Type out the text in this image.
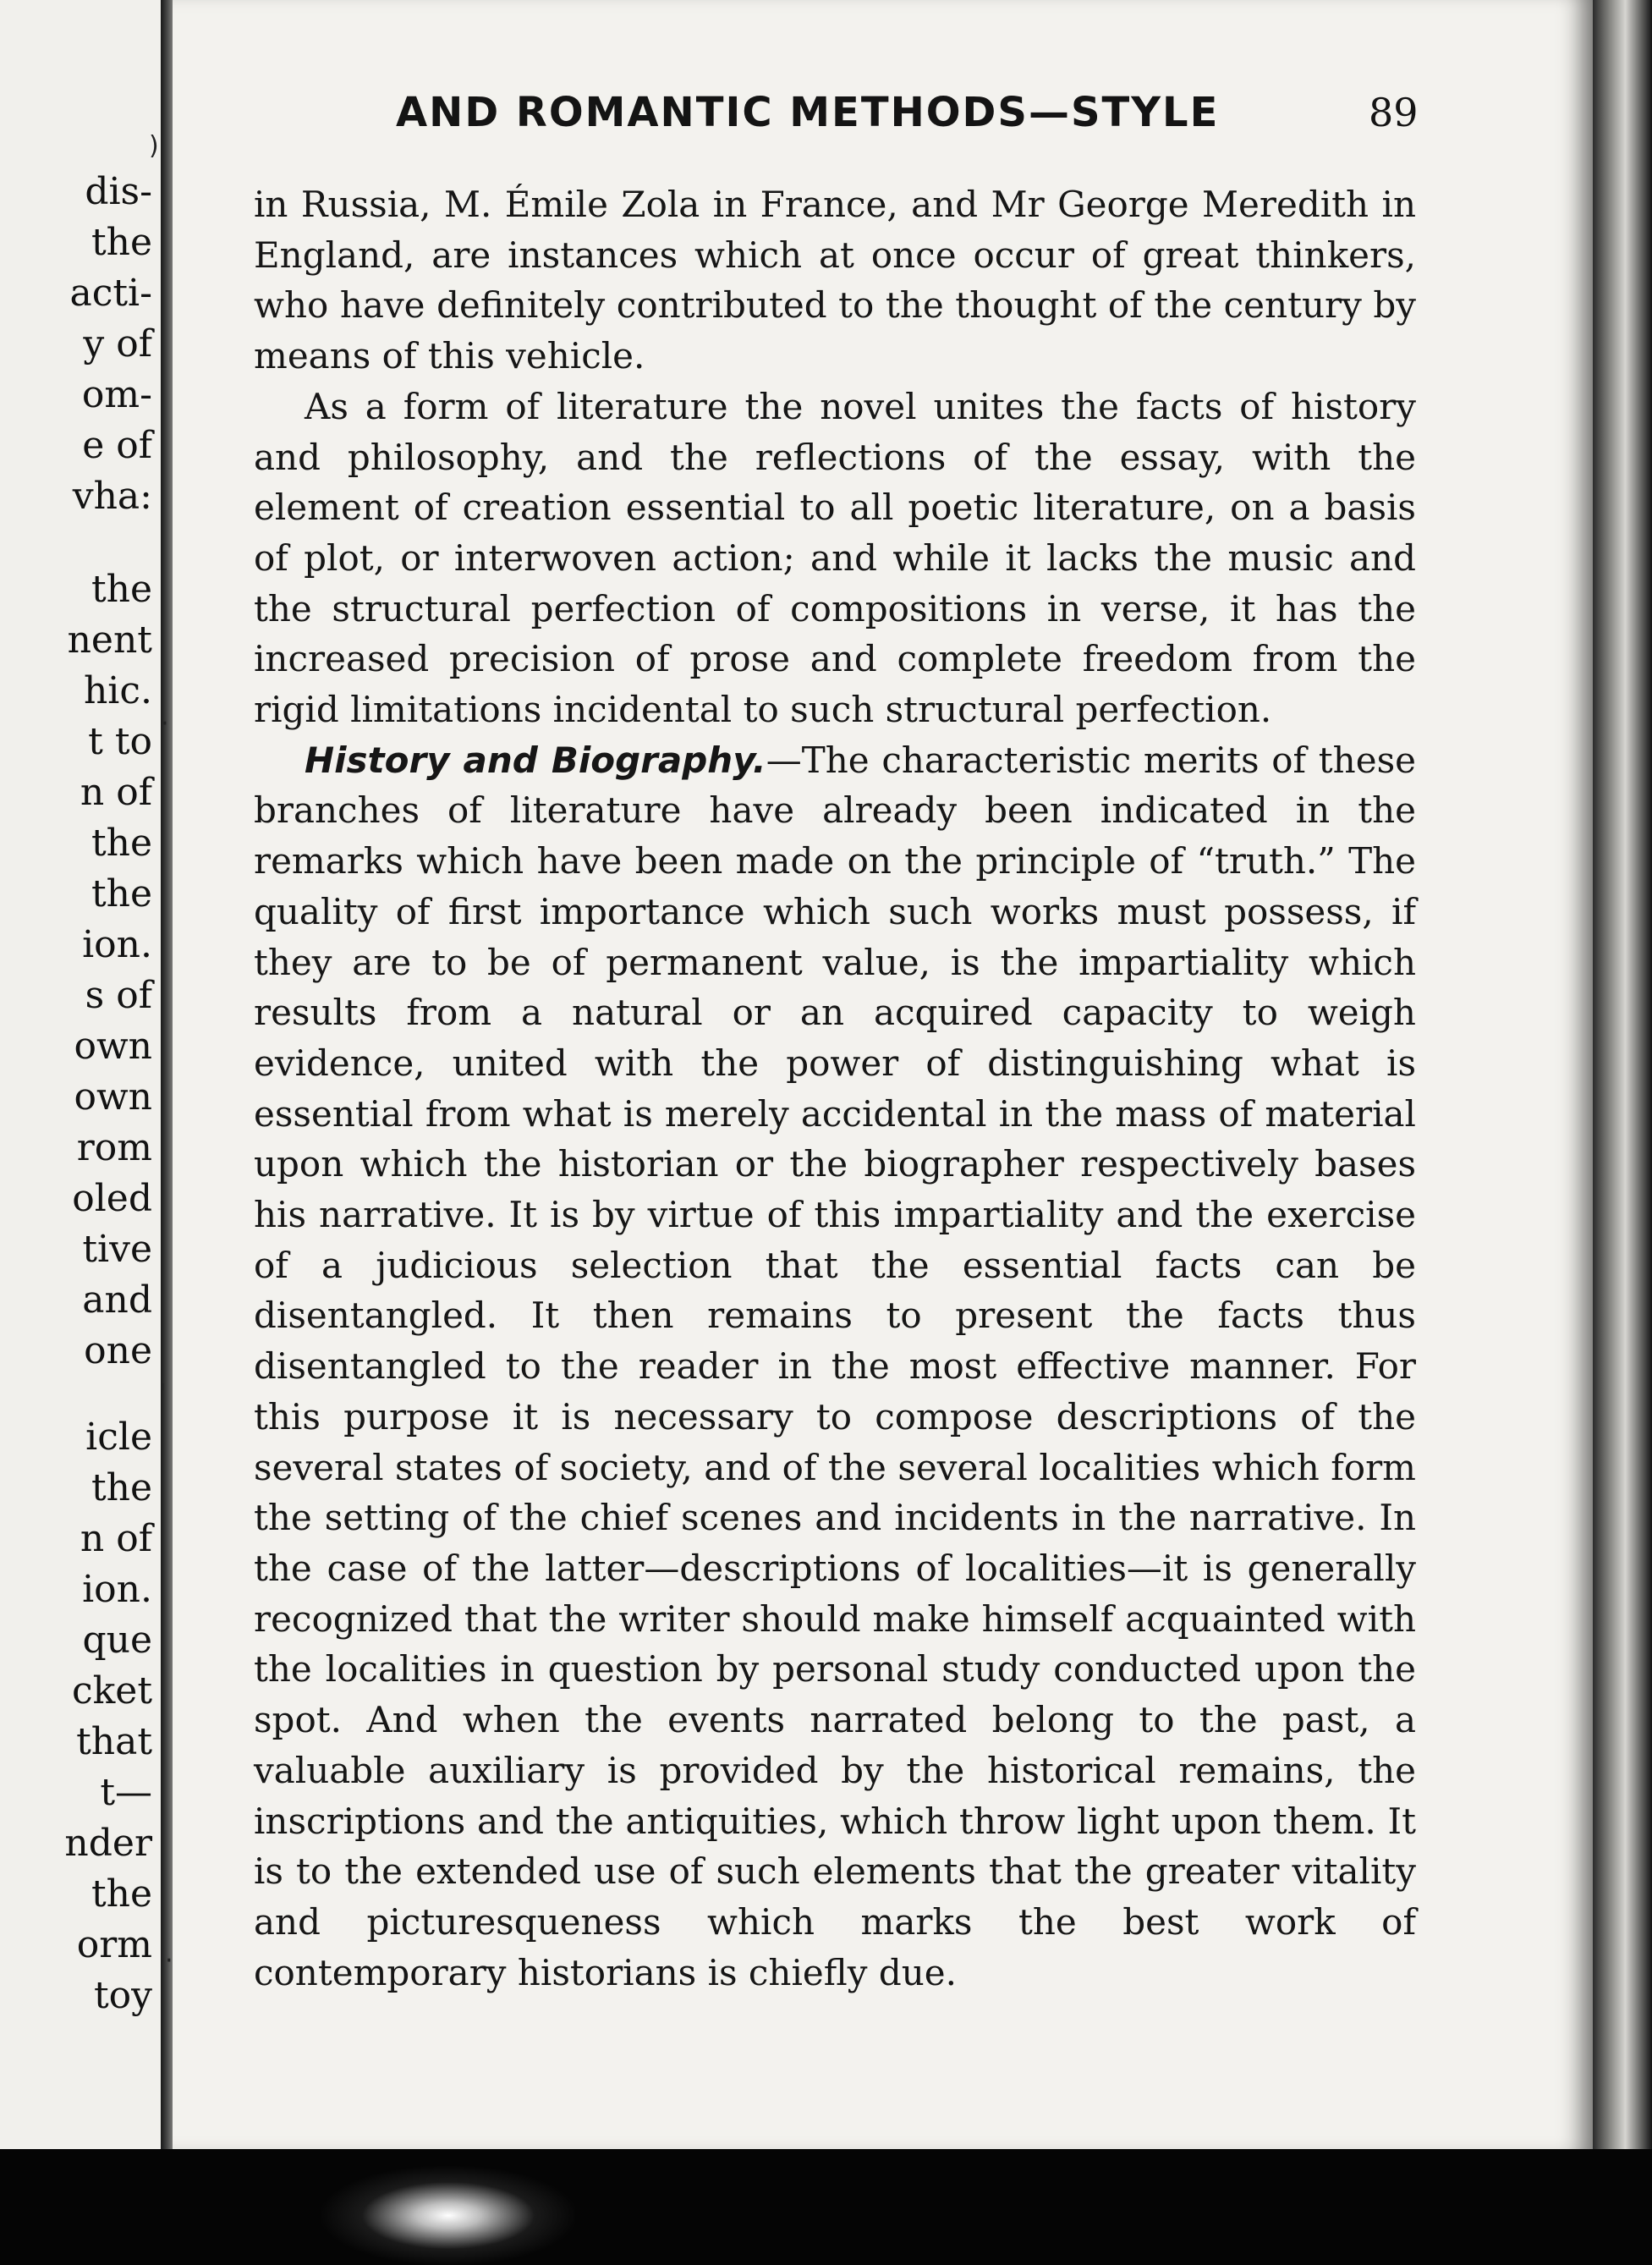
dis-

the

acti-

y of

om-

e of

vha:

the

nent

hic.

t to

n of

the

the

ion.

s of

own

own

rom

oled

tive

and

one

icle

the

n of

ion.

que

cket

that

t—

nder

the

orm

toy

)
·
'
·
AND ROMANTIC METHODS—STYLE	89

in Russia, M. Émile Zola in France, and Mr George Meredith in England, are instances which at once occur of great thinkers, who have definitely contributed to the thought of the century by means of this vehicle.

As a form of literature the novel unites the facts of history and philosophy, and the reflections of the essay, with the element of creation essential to all poetic literature, on a basis of plot, or interwoven action; and while it lacks the music and the structural perfection of compositions in verse, it has the increased precision of prose and complete freedom from the rigid limitations incidental to such structural perfection.

History and Biography.—The characteristic merits of these branches of literature have already been indicated in the remarks which have been made on the principle of “truth.” The quality of first importance which such works must possess, if they are to be of permanent value, is the impartiality which results from a natural or an acquired capacity to weigh evidence, united with the power of distinguishing what is essential from what is merely accidental in the mass of material upon which the historian or the biographer respectively bases his narrative. It is by virtue of this impartiality and the exercise of a judicious selection that the essential facts can be disentangled. It then remains to present the facts thus disentangled to the reader in the most effective manner. For this purpose it is necessary to compose descriptions of the several states of society, and of the several localities which form the setting of the chief scenes and incidents in the narrative. In the case of the latter—descriptions of localities—it is generally recognized that the writer should make himself acquainted with the localities in question by personal study conducted upon the spot. And when the events narrated belong to the past, a valuable auxiliary is provided by the historical remains, the inscriptions and the antiquities, which throw light upon them. It is to the extended use of such elements that the greater vitality and picturesqueness which marks the best work of contemporary historians is chiefly due.
